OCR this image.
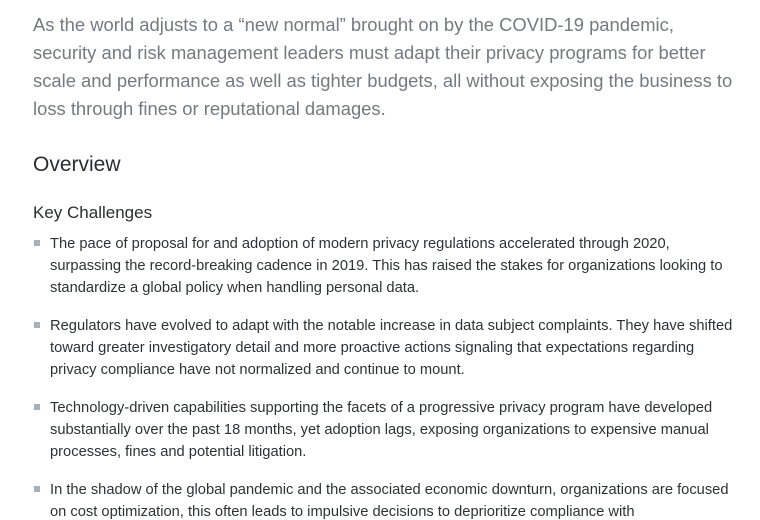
As the world adjusts to a “new normal” brought on by the COVID-19 pandemic, security and risk management leaders must adapt their privacy programs for better scale and performance as well as tighter budgets, all without exposing the business to loss through fines or reputational damages.

Overview
Key Challenges
The pace of proposal for and adoption of modern privacy regulations accelerated through 2020, surpassing the record-breaking cadence in 2019. This has raised the stakes for organizations looking to standardize a global policy when handling personal data.
Regulators have evolved to adapt with the notable increase in data subject complaints. They have shifted toward greater investigatory detail and more proactive actions signaling that expectations regarding privacy compliance have not normalized and continue to mount.
Technology-driven capabilities supporting the facets of a progressive privacy program have developed substantially over the past 18 months, yet adoption lags, exposing organizations to expensive manual processes, fines and potential litigation.
In the shadow of the global pandemic and the associated economic downturn, organizations are focused on cost optimization, this often leads to impulsive decisions to deprioritize compliance with
